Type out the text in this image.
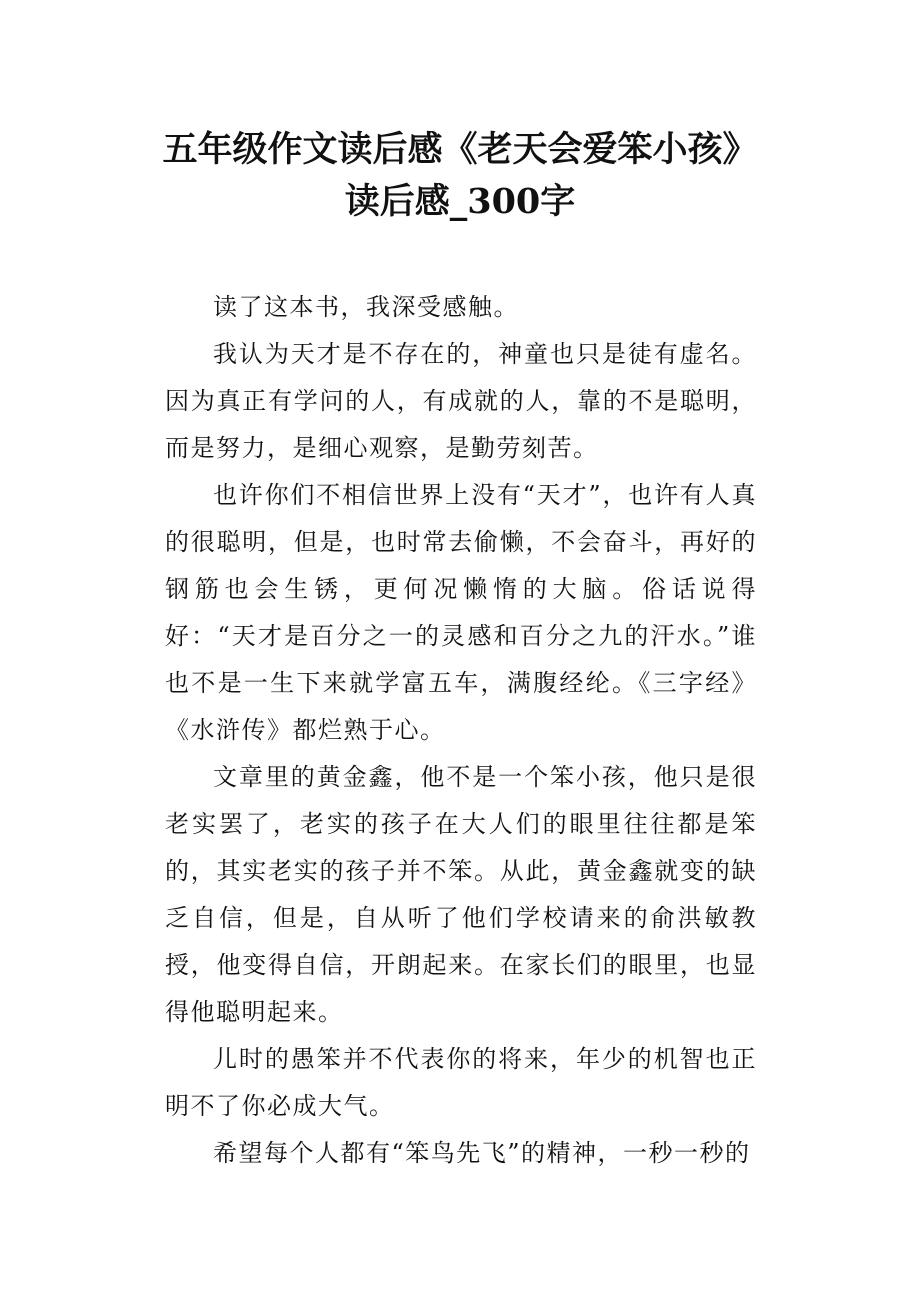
五年级作文读后感《老天会爱笨小孩》
读后感_300字

读了这本书，我深受感触。

我认为天才是不存在的，神童也只是徒有虚名。因为真正有学问的人，有成就的人，靠的不是聪明，而是努力，是细心观察，是勤劳刻苦。

也许你们不相信世界上没有“天才”，也许有人真的很聪明，但是，也时常去偷懒，不会奋斗，再好的钢筋也会生锈，更何况懒惰的大脑。俗话说得好：“天才是百分之一的灵感和百分之九的汗水。”谁也不是一生下来就学富五车，满腹经纶。《三字经》《水浒传》都烂熟于心。

文章里的黄金鑫，他不是一个笨小孩，他只是很老实罢了，老实的孩子在大人们的眼里往往都是笨的，其实老实的孩子并不笨。从此，黄金鑫就变的缺乏自信，但是，自从听了他们学校请来的俞洪敏教授，他变得自信，开朗起来。在家长们的眼里，也显得他聪明起来。

儿时的愚笨并不代表你的将来，年少的机智也正明不了你必成大气。

希望每个人都有“笨鸟先飞”的精神，一秒一秒的
